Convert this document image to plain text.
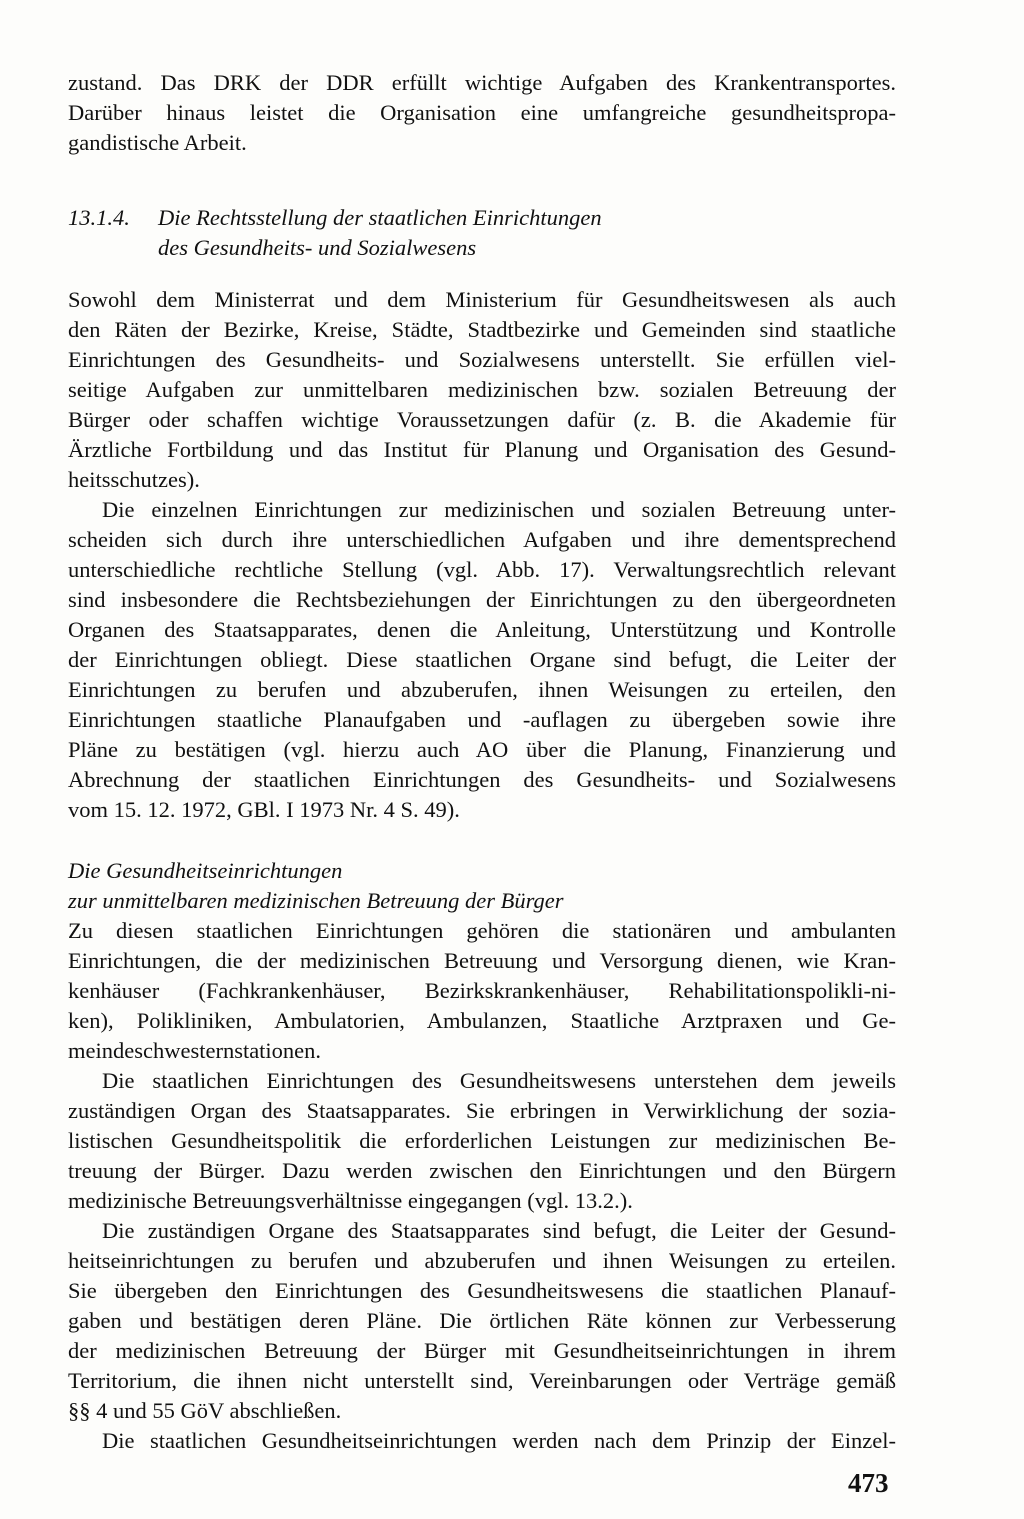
zustand. Das DRK der DDR erfüllt wichtige Aufgaben des Krankentransportes.
Darüber hinaus leistet die Organisation eine umfangreiche gesundheitspropa-
gandistische Arbeit.
13.1.4. Die Rechtsstellung der staatlichen Einrichtungen
des Gesundheits- und Sozialwesens
Sowohl dem Ministerrat und dem Ministerium für Gesundheitswesen als auch
den Räten der Bezirke, Kreise, Städte, Stadtbezirke und Gemeinden sind staatliche
Einrichtungen des Gesundheits- und Sozialwesens unterstellt. Sie erfüllen viel-
seitige Aufgaben zur unmittelbaren medizinischen bzw. sozialen Betreuung der
Bürger oder schaffen wichtige Voraussetzungen dafür (z. B. die Akademie für
Ärztliche Fortbildung und das Institut für Planung und Organisation des Gesund-
heitsschutzes).
Die einzelnen Einrichtungen zur medizinischen und sozialen Betreuung unter-
scheiden sich durch ihre unterschiedlichen Aufgaben und ihre dementsprechend
unterschiedliche rechtliche Stellung (vgl. Abb. 17). Verwaltungsrechtlich relevant
sind insbesondere die Rechtsbeziehungen der Einrichtungen zu den übergeordneten
Organen des Staatsapparates, denen die Anleitung, Unterstützung und Kontrolle
der Einrichtungen obliegt. Diese staatlichen Organe sind befugt, die Leiter der
Einrichtungen zu berufen und abzuberufen, ihnen Weisungen zu erteilen, den
Einrichtungen staatliche Planaufgaben und -auflagen zu übergeben sowie ihre
Pläne zu bestätigen (vgl. hierzu auch AO über die Planung, Finanzierung und
Abrechnung der staatlichen Einrichtungen des Gesundheits- und Sozialwesens
vom 15. 12. 1972, GBl. I 1973 Nr. 4 S. 49).
Die Gesundheitseinrichtungen
zur unmittelbaren medizinischen Betreuung der Bürger
Zu diesen staatlichen Einrichtungen gehören die stationären und ambulanten
Einrichtungen, die der medizinischen Betreuung und Versorgung dienen, wie Kran-
kenhäuser (Fachkrankenhäuser, Bezirkskrankenhäuser, Rehabilitationspolikli-ni-
ken), Polikliniken, Ambulatorien, Ambulanzen, Staatliche Arztpraxen und Ge-
meindeschwesternstationen.
Die staatlichen Einrichtungen des Gesundheitswesens unterstehen dem jeweils
zuständigen Organ des Staatsapparates. Sie erbringen in Verwirklichung der sozia-
listischen Gesundheitspolitik die erforderlichen Leistungen zur medizinischen Be-
treuung der Bürger. Dazu werden zwischen den Einrichtungen und den Bürgern
medizinische Betreuungsverhältnisse eingegangen (vgl. 13.2.).
Die zuständigen Organe des Staatsapparates sind befugt, die Leiter der Gesund-
heitseinrichtungen zu berufen und abzuberufen und ihnen Weisungen zu erteilen.
Sie übergeben den Einrichtungen des Gesundheitswesens die staatlichen Planauf-
gaben und bestätigen deren Pläne. Die örtlichen Räte können zur Verbesserung
der medizinischen Betreuung der Bürger mit Gesundheitseinrichtungen in ihrem
Territorium, die ihnen nicht unterstellt sind, Vereinbarungen oder Verträge gemäß
§§ 4 und 55 GöV abschließen.
Die staatlichen Gesundheitseinrichtungen werden nach dem Prinzip der Einzel-
473
